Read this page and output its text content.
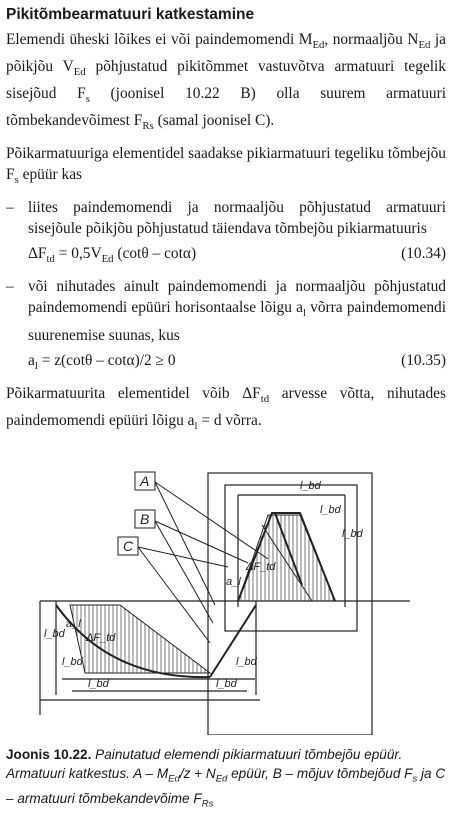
Pikitõmbearmatuuri katkestamine

Elemendi üheski lõikes ei või paindemomendi $M_{Ed}$, normaaljõu $N_{Ed}$ ja põikjõu $V_{Ed}$ põhjustatud pikitõmmet vastuvõtva armatuuri tegelik sisejõud $F_s$ (joonisel 10.22 B) olla suurem armatuuri tõmbekandevõimest $F_{Rs}$ (samal joonisel C).

Põikarmatuuriga elementidel saadakse pikiarmatuuri tegeliku tõmbejõu $F_s$ epüür kas

– liites paindemomendi ja normaaljõu põhjustatud armatuuri sisejõule põikjõu põhjustatud täiendava tõmbejõu pikiarmatuuris
$\Delta F_{td} = 0,5V_{Ed}$ (cotθ – cotα)	(10.34)
– või nihutades ainult paindemomendi ja normaaljõu põhjustatud paindemomendi epüüri horisontaalse lõigu $a_l$ võrra paindemomendi suurenemise suunas, kus
$a_l = z(\cot\theta - \cot\alpha)/2 \ge 0$	(10.35)

Põikarmatuurita elementidel võib $\Delta F_{td}$ arvesse võtta, nihutades paindemomendi epüüri lõigu $a_l = d$ võrra.

A
B
C
l_bd
l_bd
l_bd
ΔF_td
a_l
a_l
ΔF_td
l_bd
l_bd
l_bd	l_bd
l_bd
Joonis 10.22. Painutatud elemendi pikiarmatuuri tõmbejõu epüür. Armatuuri katkestus. $A - M_{Ed}/z + N_{Ed}$ epüür, B – mõjuv tõmbejõud $F_s$ ja C – armatuuri tõmbekandevõime $F_{Rs}$
